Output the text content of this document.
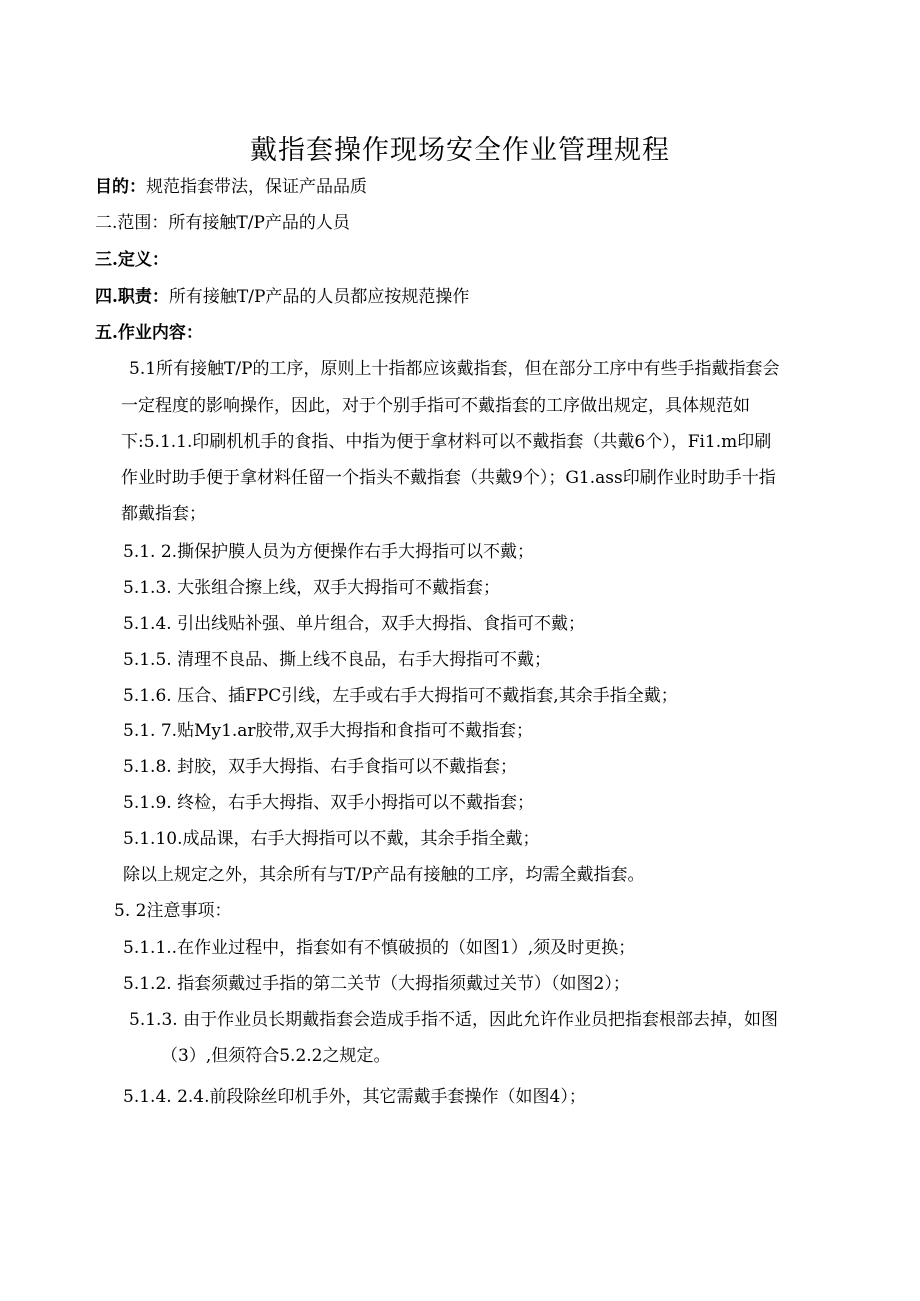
戴指套操作现场安全作业管理规程
目的：规范指套带法，保证产品品质
二.范围：所有接触T/P产品的人员
三.定义：
四.职责：所有接触T/P产品的人员都应按规范操作
五.作业内容：
5.1所有接触T/P的工序，原则上十指都应该戴指套，但在部分工序中有些手指戴指套会
一定程度的影响操作，因此，对于个别手指可不戴指套的工序做出规定，具体规范如
下:5.1.1.印刷机机手的食指、中指为便于拿材料可以不戴指套（共戴6个），Fi1.m印刷
作业时助手便于拿材料任留一个指头不戴指套（共戴9个）；G1.ass印刷作业时助手十指
都戴指套；
5.1. 2.撕保护膜人员为方便操作右手大拇指可以不戴；
5.1.3. 大张组合擦上线，双手大拇指可不戴指套；
5.1.4. 引出线贴补强、单片组合，双手大拇指、食指可不戴；
5.1.5. 清理不良品、撕上线不良品，右手大拇指可不戴；
5.1.6. 压合、插FPC引线，左手或右手大拇指可不戴指套,其余手指全戴；
5.1. 7.贴My1.ar胶带,双手大拇指和食指可不戴指套；
5.1.8. 封胶，双手大拇指、右手食指可以不戴指套；
5.1.9. 终检，右手大拇指、双手小拇指可以不戴指套；
5.1.10.成品课，右手大拇指可以不戴，其余手指全戴；
除以上规定之外，其余所有与T/P产品有接触的工序，均需全戴指套。
5. 2注意事项：
5.1.1..在作业过程中，指套如有不慎破损的（如图1）,须及时更换；
5.1.2. 指套须戴过手指的第二关节（大拇指须戴过关节）（如图2）；
5.1.3. 由于作业员长期戴指套会造成手指不适，因此允许作业员把指套根部去掉，如图
（3）,但须符合5.2.2之规定。
5.1.4. 2.4.前段除丝印机手外，其它需戴手套操作（如图4）；
